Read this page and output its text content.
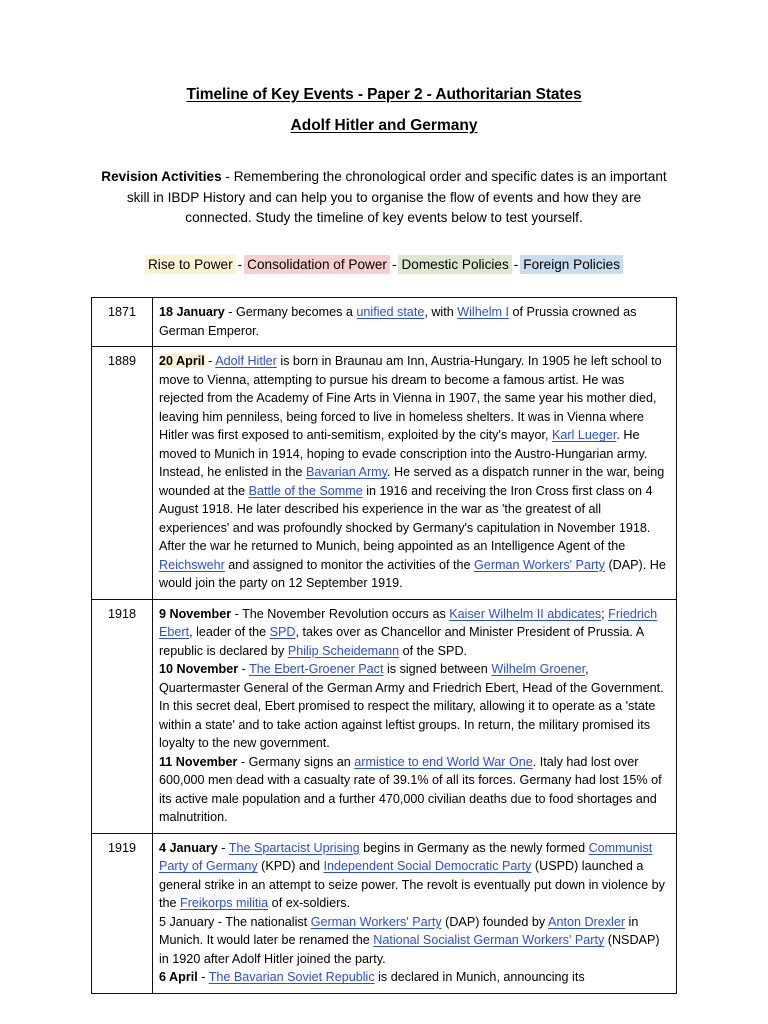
Timeline of Key Events - Paper 2 - Authoritarian States
Adolf Hitler and Germany

Revision Activities - Remembering the chronological order and specific dates is an important skill in IBDP History and can help you to organise the flow of events and how they are connected. Study the timeline of key events below to test yourself.

Rise to Power - Consolidation of Power - Domestic Policies - Foreign Policies
1871	18 January - Germany becomes a unified state, with Wilhelm I of Prussia crowned as German Emperor.
1889	20 April - Adolf Hitler is born in Braunau am Inn, Austria-Hungary. In 1905 he left school to move to Vienna, attempting to pursue his dream to become a famous artist. He was rejected from the Academy of Fine Arts in Vienna in 1907, the same year his mother died, leaving him penniless, being forced to live in homeless shelters. It was in Vienna where Hitler was first exposed to anti-semitism, exploited by the city's mayor, Karl Lueger. He moved to Munich in 1914, hoping to evade conscription into the Austro-Hungarian army. Instead, he enlisted in the Bavarian Army. He served as a dispatch runner in the war, being wounded at the Battle of the Somme in 1916 and receiving the Iron Cross first class on 4 August 1918. He later described his experience in the war as 'the greatest of all experiences' and was profoundly shocked by Germany's capitulation in November 1918. After the war he returned to Munich, being appointed as an Intelligence Agent of the Reichswehr and assigned to monitor the activities of the German Workers' Party (DAP). He would join the party on 12 September 1919.
1918	9 November - The November Revolution occurs as Kaiser Wilhelm II abdicates; Friedrich Ebert, leader of the SPD, takes over as Chancellor and Minister President of Prussia. A republic is declared by Philip Scheidemann of the SPD.
10 November - The Ebert-Groener Pact is signed between Wilhelm Groener, Quartermaster General of the German Army and Friedrich Ebert, Head of the Government. In this secret deal, Ebert promised to respect the military, allowing it to operate as a 'state within a state' and to take action against leftist groups. In return, the military promised its loyalty to the new government.
11 November - Germany signs an armistice to end World War One. Italy had lost over 600,000 men dead with a casualty rate of 39.1% of all its forces. Germany had lost 15% of its active male population and a further 470,000 civilian deaths due to food shortages and malnutrition.
1919	4 January - The Spartacist Uprising begins in Germany as the newly formed Communist Party of Germany (KPD) and Independent Social Democratic Party (USPD) launched a general strike in an attempt to seize power. The revolt is eventually put down in violence by the Freikorps militia of ex-soldiers.
5 January - The nationalist German Workers' Party (DAP) founded by Anton Drexler in Munich. It would later be renamed the National Socialist German Workers' Party (NSDAP) in 1920 after Adolf Hitler joined the party.
6 April - The Bavarian Soviet Republic is declared in Munich, announcing its
